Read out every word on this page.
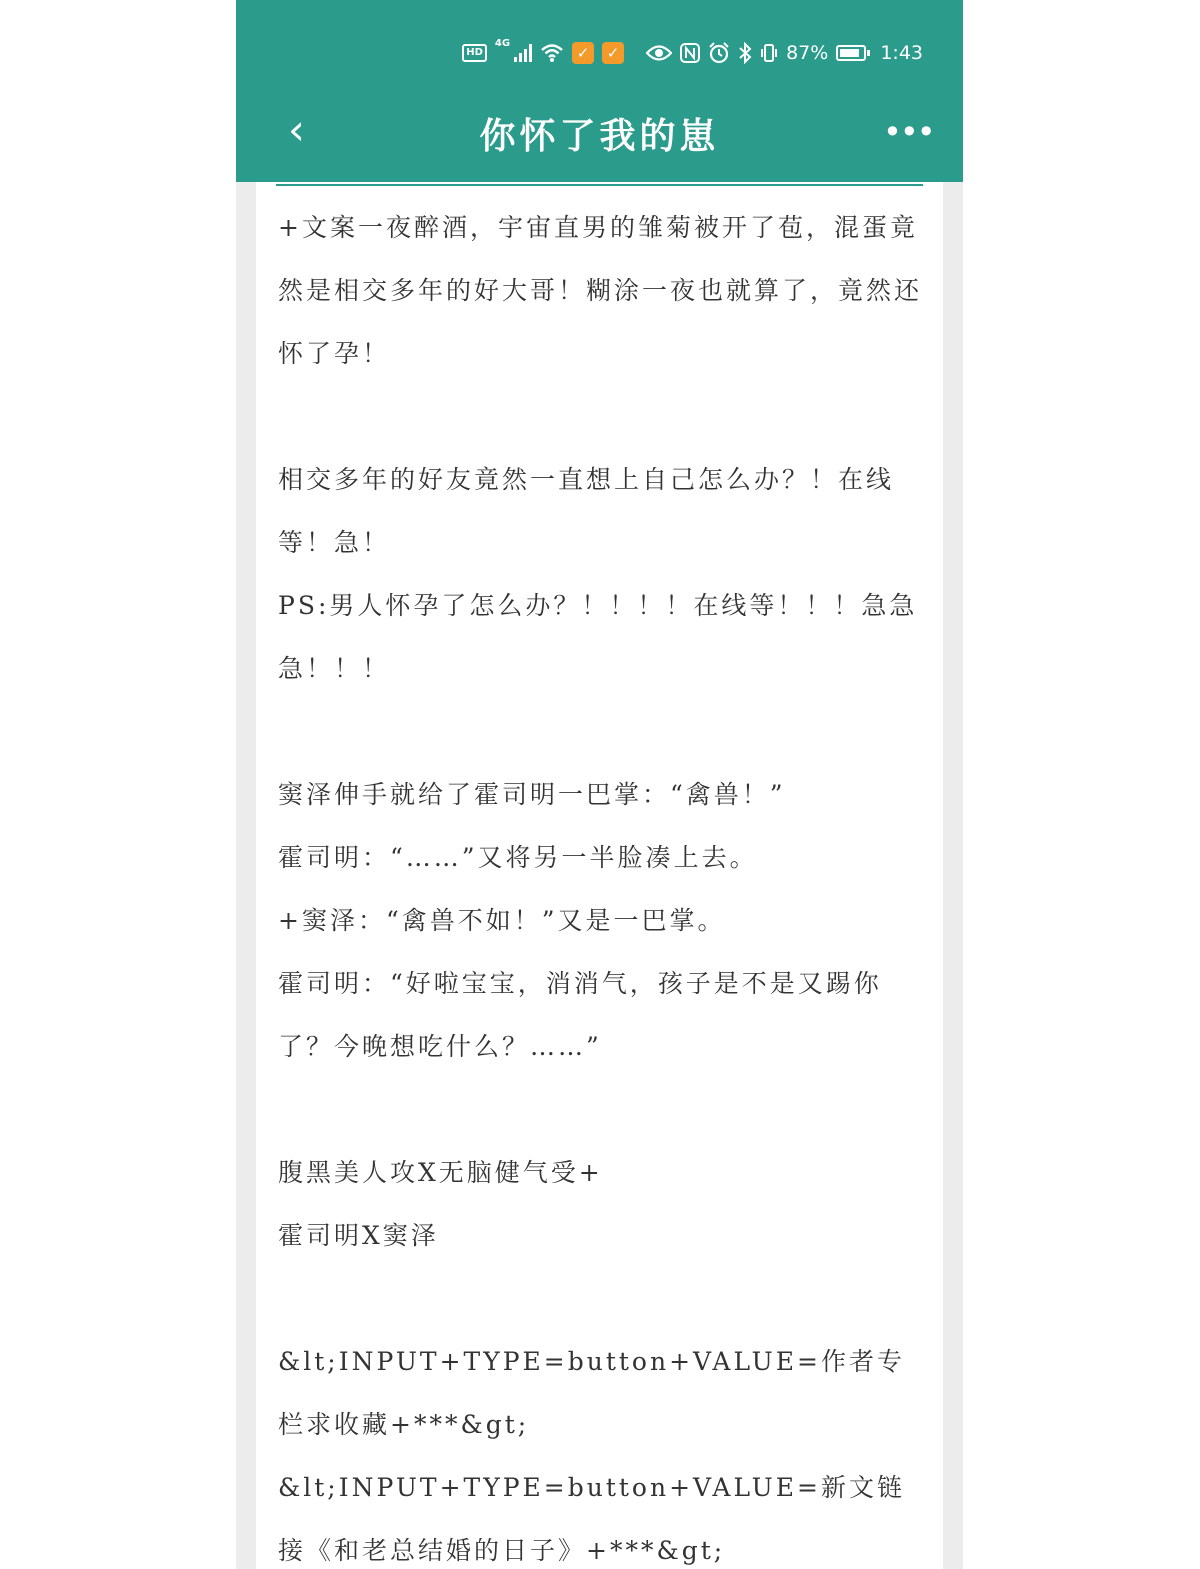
HD
4G
✓	✓	87%	1:43
‹	你怀了我的崽	•••

+文案一夜醉酒，宇宙直男的雏菊被开了苞，混蛋竟然是相交多年的好大哥！糊涂一夜也就算了，竟然还怀了孕！

相交多年的好友竟然一直想上自己怎么办？！在线等！急！

PS:男人怀孕了怎么办？！！！！在线等！！！急急急！！！

窦泽伸手就给了霍司明一巴掌：“禽兽！”

霍司明：“……”又将另一半脸凑上去。

+窦泽：“禽兽不如！”又是一巴掌。

霍司明：“好啦宝宝，消消气，孩子是不是又踢你了？今晚想吃什么？……”

腹黑美人攻X无脑健气受+

霍司明X窦泽

&lt;INPUT+TYPE=button+VALUE=作者专栏求收藏+***&gt;

&lt;INPUT+TYPE=button+VALUE=新文链接《和老总结婚的日子》+***&gt;
